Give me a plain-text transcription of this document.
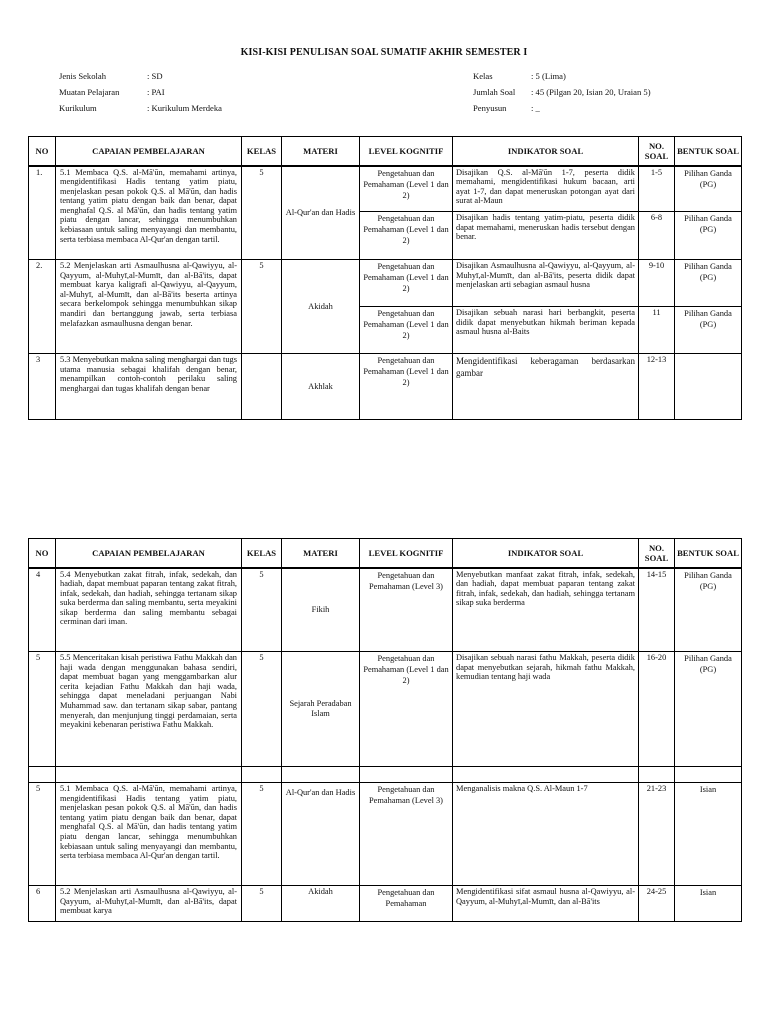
KISI-KISI PENULISAN SOAL SUMATIF AKHIR SEMESTER I
Jenis Sekolah	: SD
Muatan Pelajaran	: PAI
Kurikulum	: Kurikulum Merdeka
Kelas	: 5 (Lima)
Jumlah Soal	: 45 (Pilgan 20, Isian 20, Uraian 5)
Penyusun	: _
NO	CAPAIAN PEMBELAJARAN	KELAS	MATERI	LEVEL KOGNITIF	INDIKATOR SOAL	NO. SOAL	BENTUK SOAL
1.	5.1 Membaca Q.S. al-Mā'ūn, memahami artinya, mengidentifikasi Hadis tentang yatim piatu, menjelaskan pesan pokok Q.S. al Mā'ūn, dan hadis tentang yatim piatu dengan baik dan benar, dapat menghafal Q.S. al Mā'ūn, dan hadis tentang yatim piatu dengan lancar, sehingga menumbuhkan kebiasaan untuk saling menyayangi dan membantu, serta terbiasa membaca Al-Qur'an dengan tartil.	5	Al-Qur'an dan Hadis	Pengetahuan dan Pemahaman (Level 1 dan 2)	Disajikan Q.S. al-Mā'ūn 1-7, peserta didik memahami, mengidentifikasi hukum bacaan, arti ayat 1-7, dan dapat meneruskan potongan ayat dari surat al-Maun	1-5	Pilihan Ganda (PG)
				Pengetahuan dan Pemahaman (Level 1 dan 2)	Disajikan hadis tentang yatim-piatu, peserta didik dapat memahami, meneruskan hadis tersebut dengan benar.	6-8	Pilihan Ganda (PG)
2.	5.2 Menjelaskan arti Asmaulhusna al-Qawiyyu, al-Qayyum, al-Muhyī,al-Mumīt, dan al-Bā'its, dapat membuat karya kaligrafi al-Qawiyyu, al-Qayyum, al-Muhyī, al-Mumīt, dan al-Bā'its beserta artinya secara berkelompok sehingga menumbuhkan sikap mandiri dan bertanggung jawab, serta terbiasa melafazkan asmaulhusna dengan benar.	5	Akidah	Pengetahuan dan Pemahaman (Level 1 dan 2)	Disajikan Asmaulhusna al-Qawiyyu, al-Qayyum, al-Muhyī,al-Mumīt, dan al-Bā'its, peserta didik dapat menjelaskan arti sebagian asmaul husna	9-10	Pilihan Ganda (PG)
				Pengetahuan dan Pemahaman (Level 1 dan 2)	Disajikan sebuah narasi hari berbangkit, peserta didik dapat menyebutkan hikmah beriman kepada asmaul husna al-Baits	11	Pilihan Ganda (PG)
3	5.3 Menyebutkan makna saling menghargai dan tugs utama manusia sebagai khalifah dengan benar, menampilkan contoh-contoh perilaku saling menghargai dan tugas khalifah dengan benar		Akhlak	Pengetahuan dan Pemahaman (Level 1 dan 2)	Mengidentifikasi keberagaman berdasarkan gambar	12-13	
NO	CAPAIAN PEMBELAJARAN	KELAS	MATERI	LEVEL KOGNITIF	INDIKATOR SOAL	NO. SOAL	BENTUK SOAL
4	5.4 Menyebutkan zakat fitrah, infak, sedekah, dan hadiah, dapat membuat paparan tentang zakat fitrah, infak, sedekah, dan hadiah, sehingga tertanam sikap suka berderma dan saling membantu, serta meyakini sikap berderma dan saling membantu sebagai cerminan dari iman.	5	Fikih	Pengetahuan dan Pemahaman (Level 3)	Menyebutkan manfaat zakat fitrah, infak, sedekah, dan hadiah, dapat membuat paparan tentang zakat fitrah, infak, sedekah, dan hadiah, sehingga tertanam sikap suka berderma	14-15	Pilihan Ganda (PG)
5	5.5 Menceritakan kisah peristiwa Fathu Makkah dan haji wada dengan menggunakan bahasa sendiri, dapat membuat bagan yang menggambarkan alur cerita kejadian Fathu Makkah dan haji wada, sehingga dapat meneladani perjuangan Nabi Muhammad saw. dan tertanam sikap sabar, pantang menyerah, dan menjunjung tinggi perdamaian, serta meyakini kebenaran peristiwa Fathu Makkah.	5	Sejarah Peradaban Islam	Pengetahuan dan Pemahaman (Level 1 dan 2)	Disajikan sebuah narasi fathu Makkah, peserta didik dapat menyebutkan sejarah, hikmah fathu Makkah, kemudian tentang haji wada	16-20	Pilihan Ganda (PG)

5	5.1 Membaca Q.S. al-Mā'ūn, memahami artinya, mengidentifikasi Hadis tentang yatim piatu, menjelaskan pesan pokok Q.S. al Mā'ūn, dan hadis tentang yatim piatu dengan baik dan benar, dapat menghafal Q.S. al Mā'ūn, dan hadis tentang yatim piatu dengan lancar, sehingga menumbuhkan kebiasaan untuk saling menyayangi dan membantu, serta terbiasa membaca Al-Qur'an dengan tartil.	5	Al-Qur'an dan Hadis	Pengetahuan dan Pemahaman (Level 3)	Menganalisis makna Q.S. Al-Maun 1-7	21-23	Isian
6	5.2 Menjelaskan arti Asmaulhusna al-Qawiyyu, al-Qayyum, al-Muhyī,al-Mumīt, dan al-Bā'its, dapat membuat karya	5	Akidah	Pengetahuan dan Pemahaman	Mengidentifikasi sifat asmaul husna al-Qawiyyu, al-Qayyum, al-Muhyī,al-Mumīt, dan al-Bā'its	24-25	Isian
